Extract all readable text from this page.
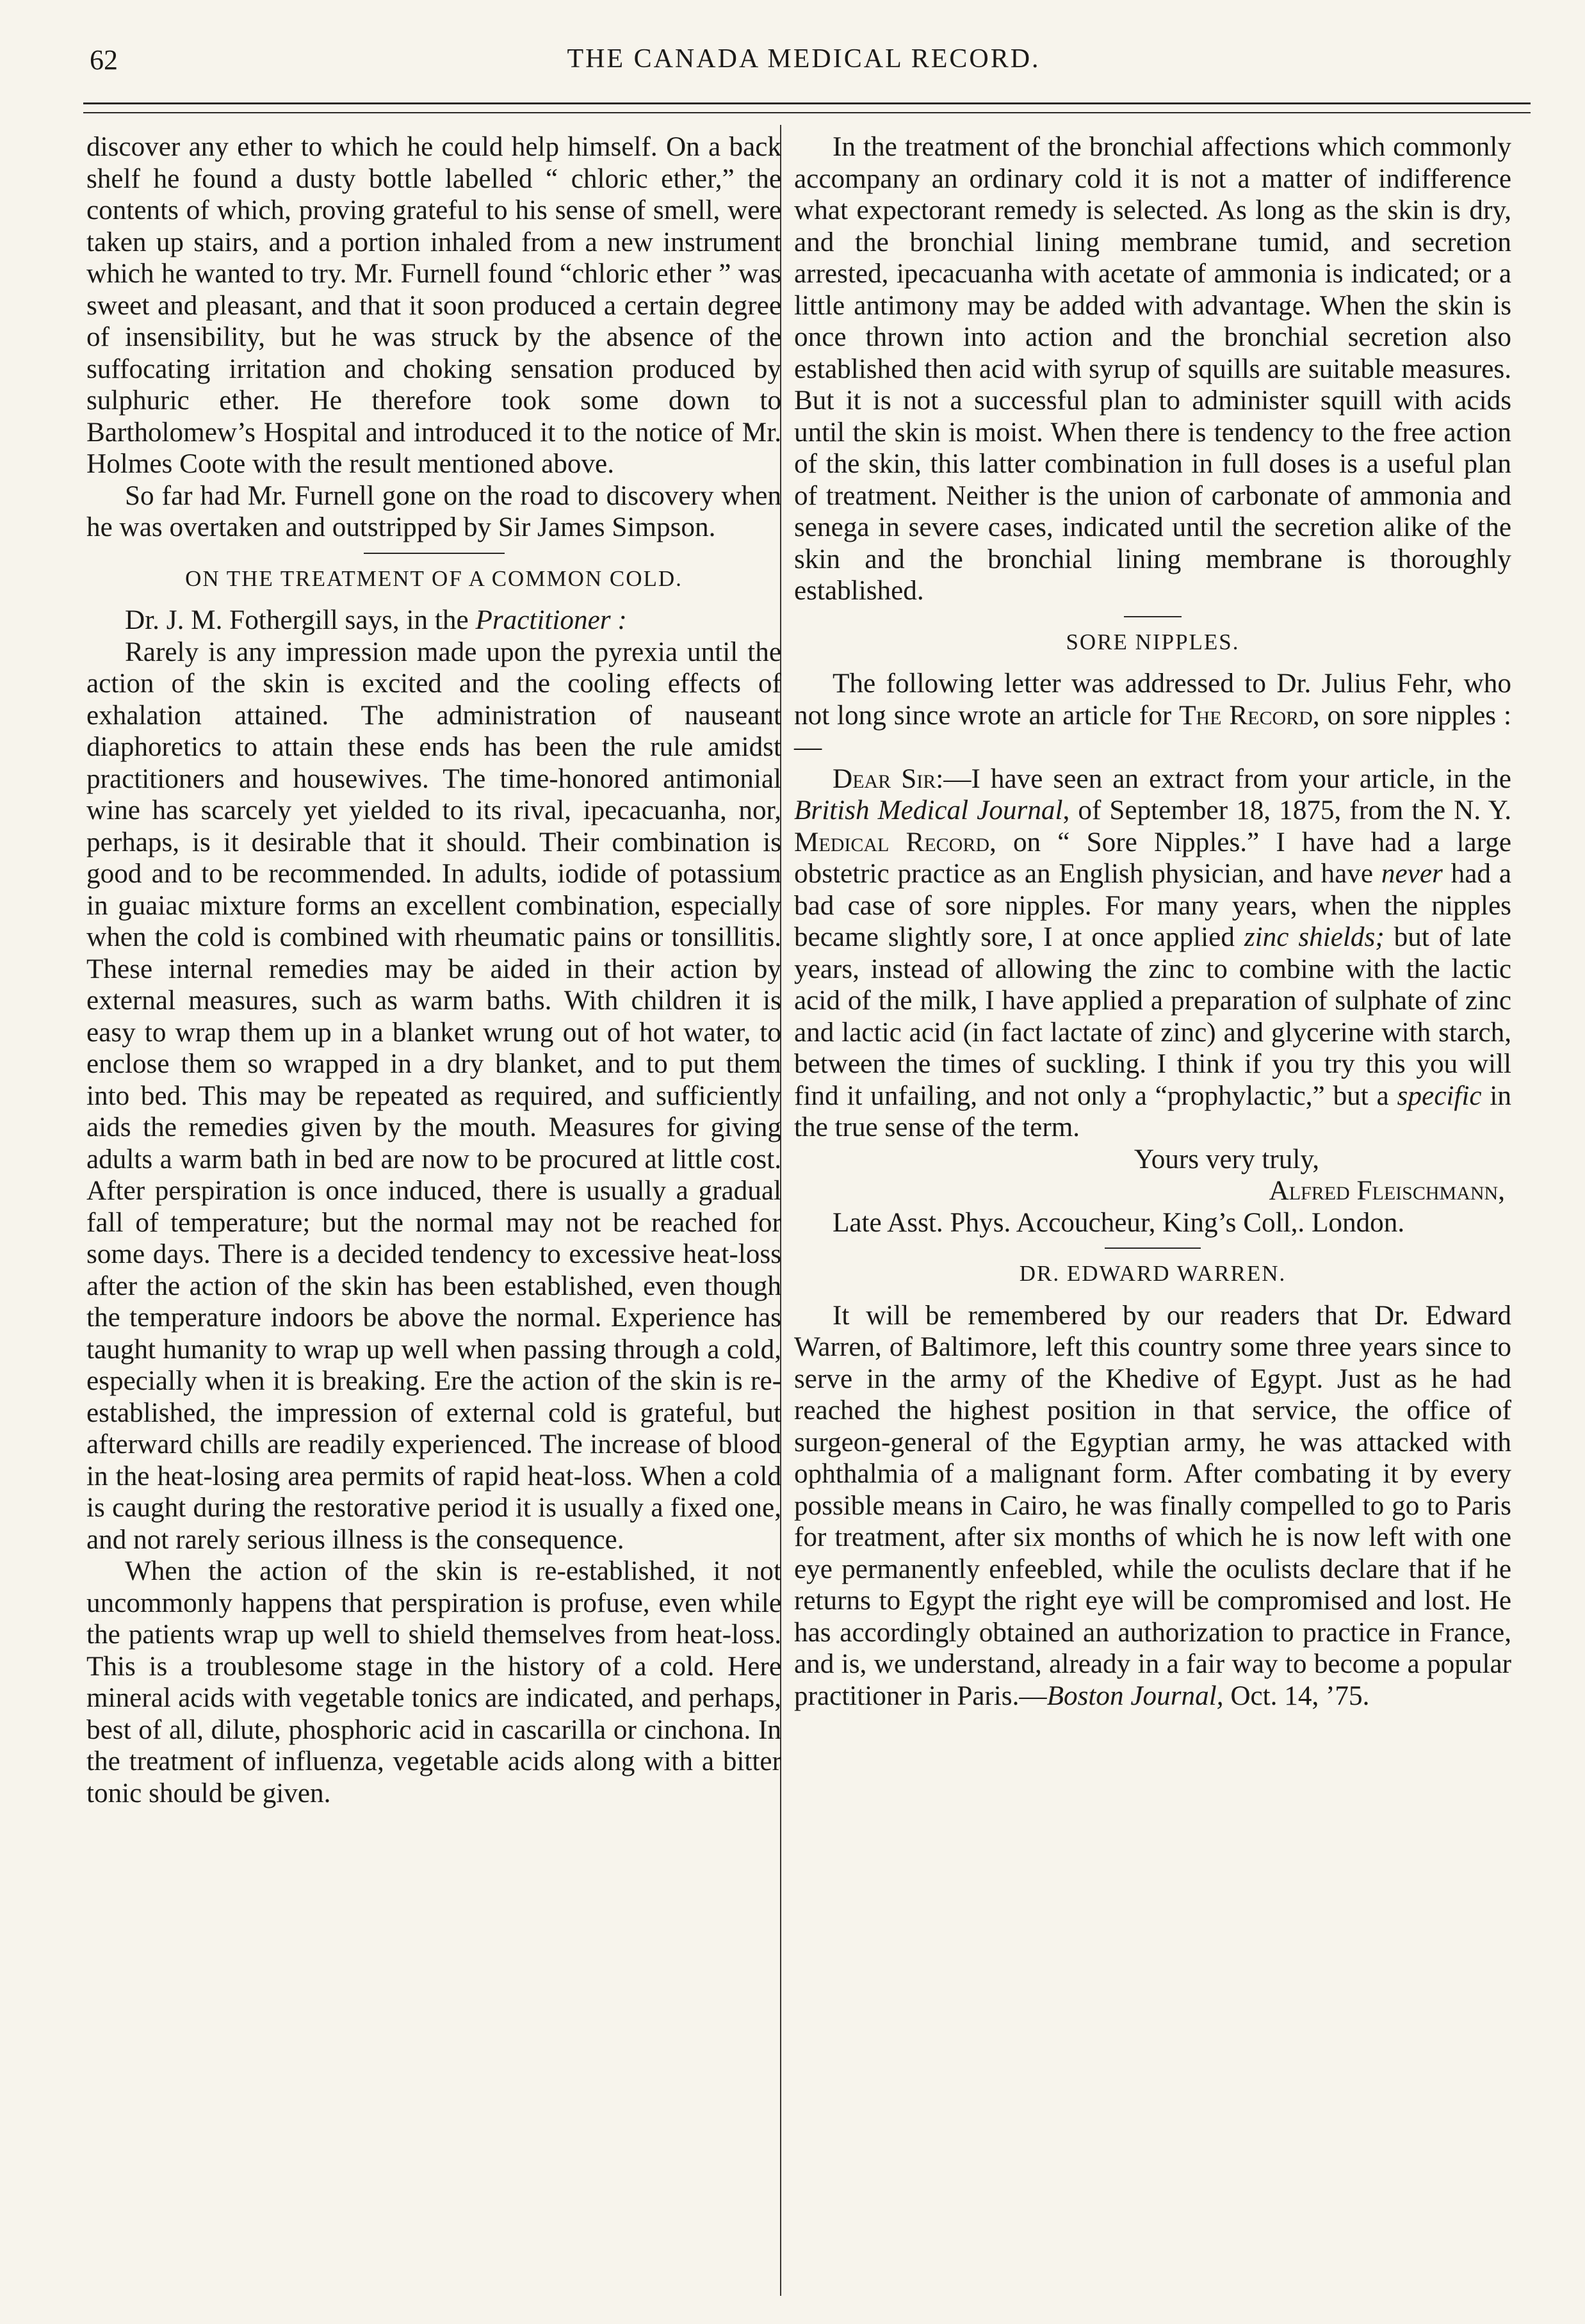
62	THE CANADA MEDICAL RECORD.

discover any ether to which he could help himself. On a back shelf he found a dusty bottle labelled “ chloric ether,” the contents of which, proving grateful to his sense of smell, were taken up stairs, and a portion inhaled from a new instrument which he wanted to try. Mr. Furnell found “chloric ether ” was sweet and pleasant, and that it soon produced a certain degree of insensibility, but he was struck by the absence of the suffocating irritation and choking sensation produced by sulphuric ether. He therefore took some down to Bartholomew’s Hospital and introduced it to the notice of Mr. Holmes Coote with the result mentioned above.

So far had Mr. Furnell gone on the road to discovery when he was overtaken and outstripped by Sir James Simpson.

ON THE TREATMENT OF A COMMON COLD.

Dr. J. M. Fothergill says, in the Practitioner :

Rarely is any impression made upon the pyrexia until the action of the skin is excited and the cooling effects of exhalation attained. The administration of nauseant diaphoretics to attain these ends has been the rule amidst practitioners and housewives. The time-honored antimonial wine has scarcely yet yielded to its rival, ipecacuanha, nor, perhaps, is it desirable that it should. Their combination is good and to be recommended. In adults, iodide of potassium in guaiac mixture forms an excellent combination, especially when the cold is combined with rheumatic pains or tonsillitis. These internal remedies may be aided in their action by external measures, such as warm baths. With children it is easy to wrap them up in a blanket wrung out of hot water, to enclose them so wrapped in a dry blanket, and to put them into bed. This may be repeated as required, and sufficiently aids the remedies given by the mouth. Measures for giving adults a warm bath in bed are now to be procured at little cost. After perspiration is once induced, there is usually a gradual fall of temperature; but the normal may not be reached for some days. There is a decided tendency to excessive heat-loss after the action of the skin has been established, even though the temperature indoors be above the normal. Experience has taught humanity to wrap up well when passing through a cold, especially when it is breaking. Ere the action of the skin is re-established, the impression of external cold is grateful, but afterward chills are readily experienced. The increase of blood in the heat-losing area permits of rapid heat-loss. When a cold is caught during the restorative period it is usually a fixed one, and not rarely serious illness is the consequence.

When the action of the skin is re-established, it not uncommonly happens that perspiration is profuse, even while the patients wrap up well to shield themselves from heat-loss. This is a troublesome stage in the history of a cold. Here mineral acids with vegetable tonics are indicated, and perhaps, best of all, dilute, phosphoric acid in cascarilla or cinchona. In the treatment of influenza, vegetable acids along with a bitter tonic should be given.

In the treatment of the bronchial affections which commonly accompany an ordinary cold it is not a matter of indifference what expectorant remedy is selected. As long as the skin is dry, and the bronchial lining membrane tumid, and secretion arrested, ipecacuanha with acetate of ammonia is indicated; or a little antimony may be added with advantage. When the skin is once thrown into action and the bronchial secretion also established then acid with syrup of squills are suitable measures. But it is not a successful plan to administer squill with acids until the skin is moist. When there is tendency to the free action of the skin, this latter combination in full doses is a useful plan of treatment. Neither is the union of carbonate of ammonia and senega in severe cases, indicated until the secretion alike of the skin and the bronchial lining membrane is thoroughly established.

SORE NIPPLES.

The following letter was addressed to Dr. Julius Fehr, who not long since wrote an article for The Record, on sore nipples :—

Dear Sir:—I have seen an extract from your article, in the British Medical Journal, of September 18, 1875, from the N. Y. Medical Record, on “ Sore Nipples.” I have had a large obstetric practice as an English physician, and have never had a bad case of sore nipples. For many years, when the nipples became slightly sore, I at once applied zinc shields; but of late years, instead of allowing the zinc to combine with the lactic acid of the milk, I have applied a preparation of sulphate of zinc and lactic acid (in fact lactate of zinc) and glycerine with starch, between the times of suckling. I think if you try this you will find it unfailing, and not only a “prophylactic,” but a specific in the true sense of the term.

Yours very truly,

Alfred Fleischmann,

Late Asst. Phys. Accoucheur, King’s Coll,. London.

DR. EDWARD WARREN.

It will be remembered by our readers that Dr. Edward Warren, of Baltimore, left this country some three years since to serve in the army of the Khedive of Egypt. Just as he had reached the highest position in that service, the office of surgeon-general of the Egyptian army, he was attacked with ophthalmia of a malignant form. After combating it by every possible means in Cairo, he was finally compelled to go to Paris for treatment, after six months of which he is now left with one eye permanently enfeebled, while the oculists declare that if he returns to Egypt the right eye will be compromised and lost. He has accordingly obtained an authorization to practice in France, and is, we understand, already in a fair way to become a popular practitioner in Paris.—Boston Journal, Oct. 14, ’75.
